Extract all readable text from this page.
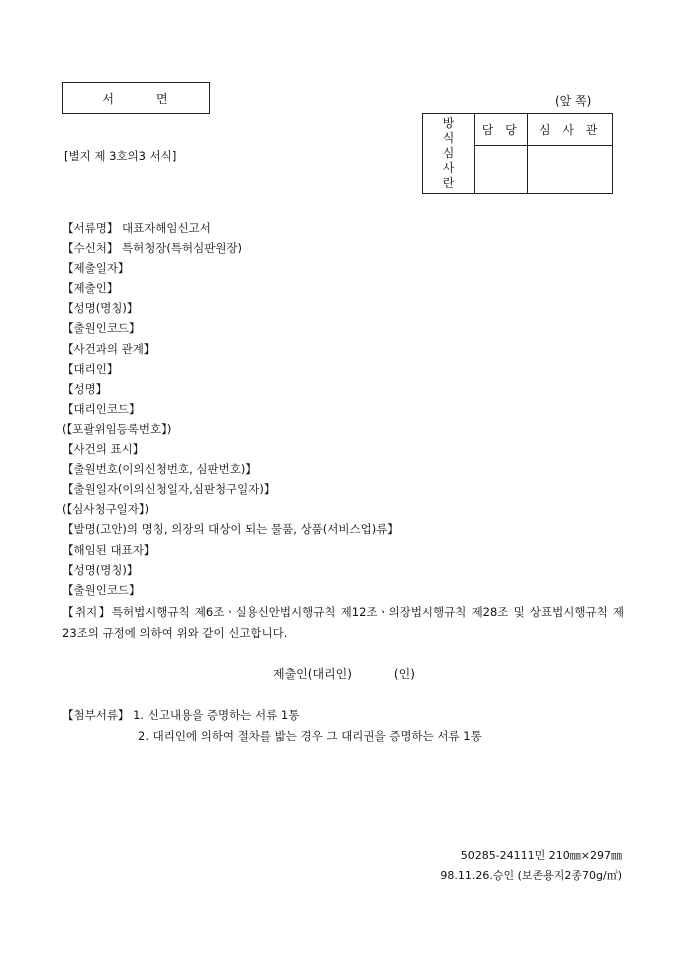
서	면	(앞 쪽)
[별지 제 3호의3 서식]
방
식
심
사
란	담 당	심 사 관

【서류명】 대표자해임신고서
【수신처】 특허청장(특허심판원장)
【제출일자】
【제출인】
【성명(명칭)】
【출원인코드】
【사건과의 관계】
【대리인】
【성명】
【대리인코드】
(【포괄위임등록번호】)
【사건의 표시】
【출원번호(이의신청번호, 심판번호)】
【출원일자(이의신청일자,심판청구일자)】
(【심사청구일자】)
【발명(고안)의 명칭, 의장의 대상이 되는 물품, 상품(서비스업)류】
【해임된 대표자】
【성명(명칭)】
【출원인코드】
【취지】특허법시행규칙 제6조ㆍ실용신안법시행규칙 제12조ㆍ의장법시행규칙 제28조 및 상표법시행규칙 제23조의 규정에 의하여 위와 같이 신고합니다.
제출인(대리인)	(인)
【첨부서류】 1. 신고내용을 증명하는 서류 1통
2. 대리인에 의하여 절차를 밟는 경우 그 대리권을 증명하는 서류 1통
50285-24111민 210㎜×297㎜
98.11.26.승인 (보존용지2종70g/㎡)
